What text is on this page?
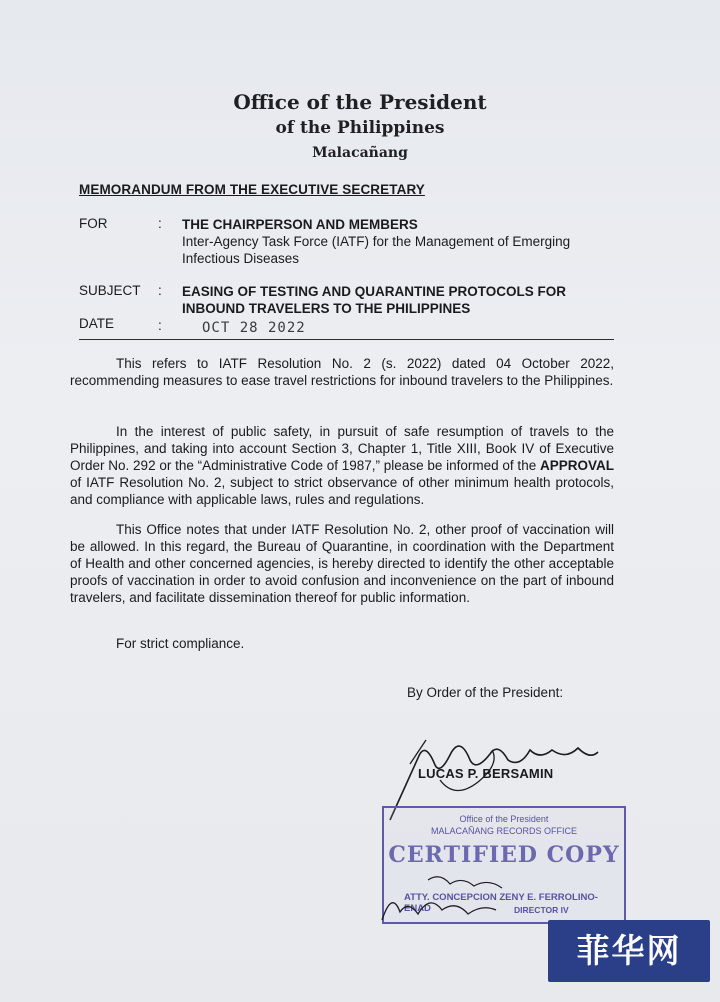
Office of the President
of the Philippines
Malacañang
MEMORANDUM FROM THE EXECUTIVE SECRETARY
FOR	: THE CHAIRPERSON AND MEMBERS
Inter-Agency Task Force (IATF) for the Management of Emerging
Infectious Diseases
SUBJECT : EASING OF TESTING AND QUARANTINE PROTOCOLS FOR
INBOUND TRAVELERS TO THE PHILIPPINES
DATE	:	OCT 28 2022
This refers to IATF Resolution No. 2 (s. 2022) dated 04 October 2022, recommending measures to ease travel restrictions for inbound travelers to the Philippines.
In the interest of public safety, in pursuit of safe resumption of travels to the Philippines, and taking into account Section 3, Chapter 1, Title XIII, Book IV of Executive Order No. 292 or the “Administrative Code of 1987,” please be informed of the APPROVAL of IATF Resolution No. 2, subject to strict observance of other minimum health protocols, and compliance with applicable laws, rules and regulations.
This Office notes that under IATF Resolution No. 2, other proof of vaccination will be allowed. In this regard, the Bureau of Quarantine, in coordination with the Department of Health and other concerned agencies, is hereby directed to identify the other acceptable proofs of vaccination in order to avoid confusion and inconvenience on the part of inbound travelers, and facilitate dissemination thereof for public information.
For strict compliance.
By Order of the President:
LUCAS P. BERSAMIN
Office of the President
MALACAÑANG RECORDS OFFICE
CERTIFIED COPY
ATTY. CONCEPCION ZENY E. FERROLINO-ENAD	DIRECTOR IV
菲华网
